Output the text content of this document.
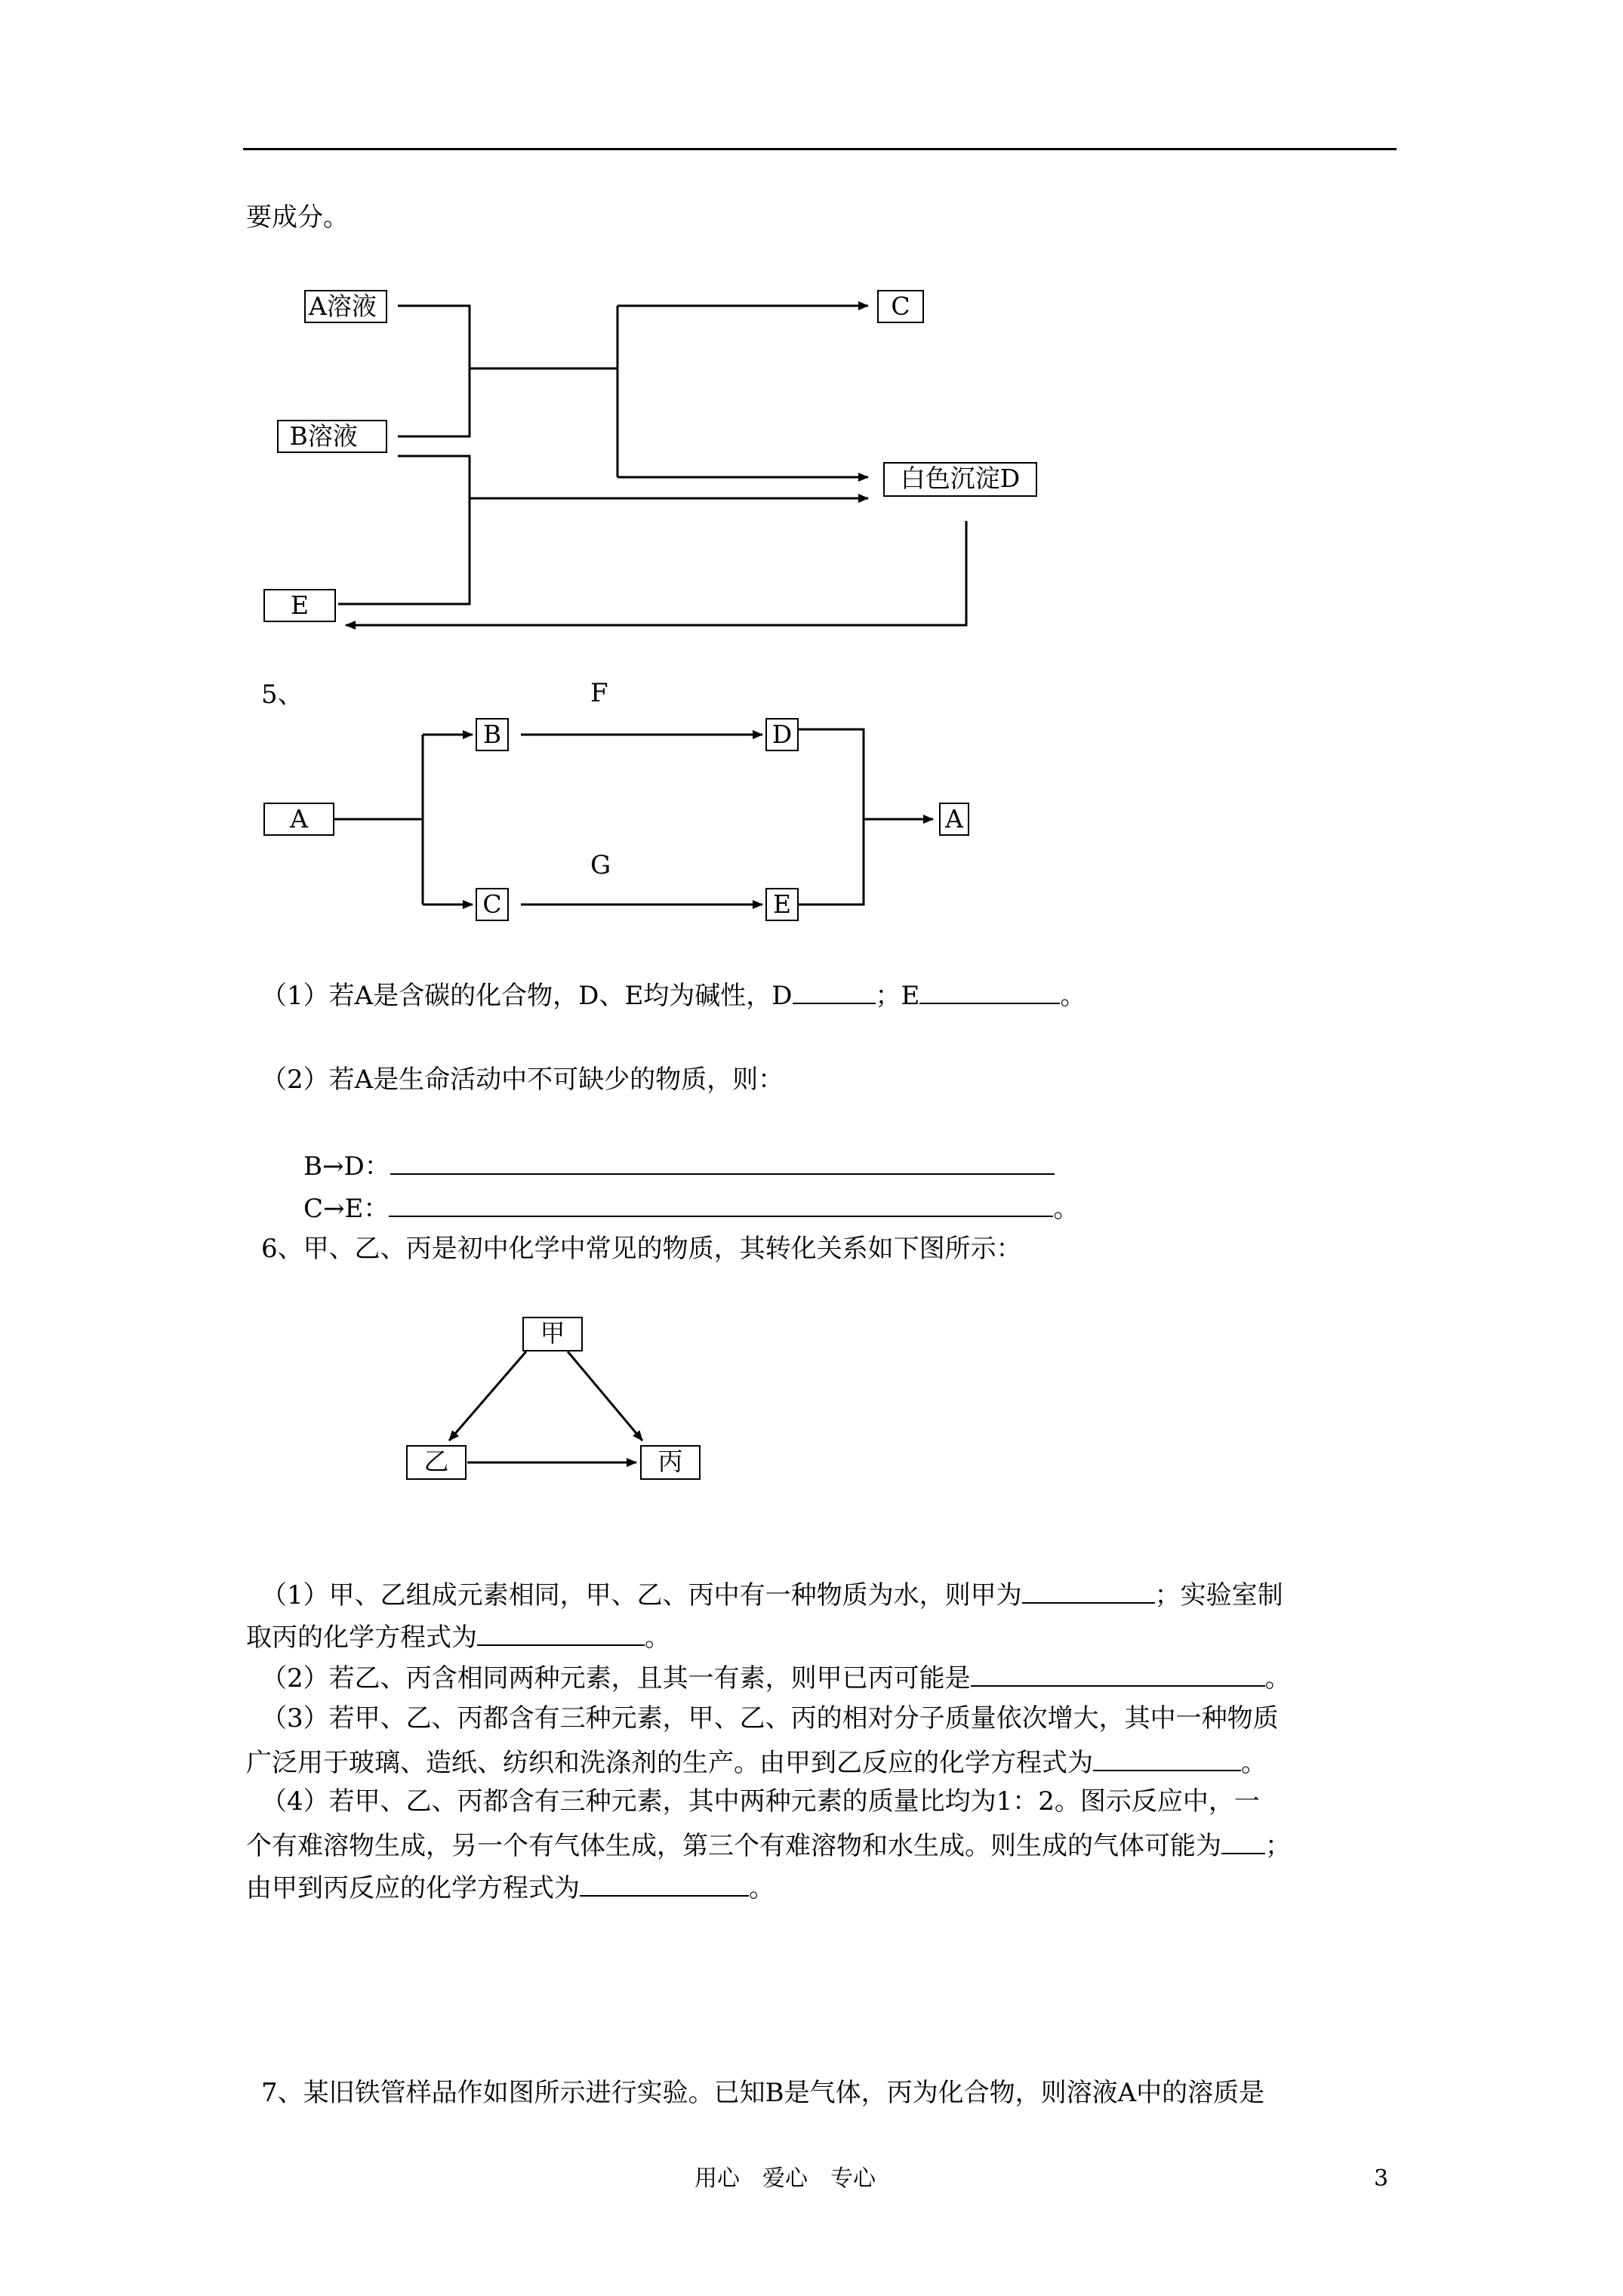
要成分。
A溶液
B溶液
C
白色沉淀D
E
5、	F
G
A
B
C
D
E
A
（1）若A是含碳的化合物，D、E均为碱性，D	；E	。
（2）若A是生命活动中不可缺少的物质，则：
B→D：
C→E：	。
6、甲、乙、丙是初中化学中常见的物质，其转化关系如下图所示：
甲
乙	丙
（1）甲、乙组成元素相同，甲、乙、丙中有一种物质为水，则甲为	；实验室制
取丙的化学方程式为	。
（2）若乙、丙含相同两种元素，且其一有素，则甲已丙可能是	。
（3）若甲、乙、丙都含有三种元素，甲、乙、丙的相对分子质量依次增大，其中一种物质
广泛用于玻璃、造纸、纺织和洗涤剂的生产。由甲到乙反应的化学方程式为	。
（4）若甲、乙、丙都含有三种元素，其中两种元素的质量比均为1：2。图示反应中，一
个有难溶物生成，另一个有气体生成，第三个有难溶物和水生成。则生成的气体可能为 ；
由甲到丙反应的化学方程式为	。
7、某旧铁管样品作如图所示进行实验。已知B是气体，丙为化合物，则溶液A中的溶质是
用心　爱心　专心	3
